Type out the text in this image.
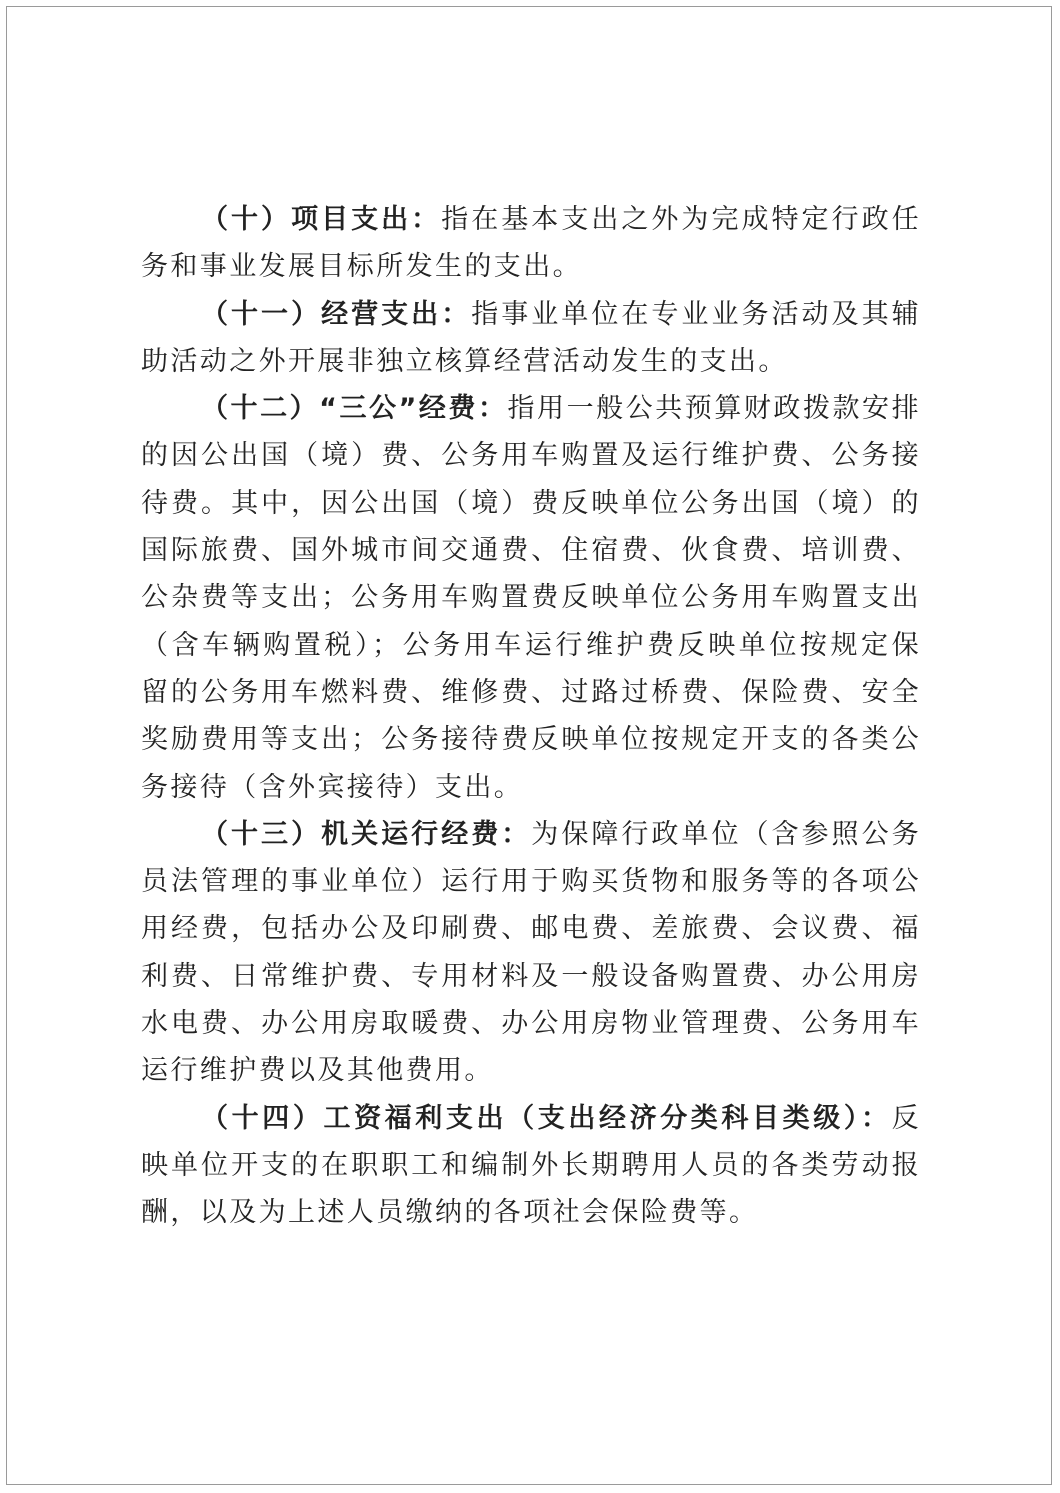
（十）项目支出：指在基本支出之外为完成特定行政任务和事业发展目标所发生的支出。

（十一）经营支出：指事业单位在专业业务活动及其辅助活动之外开展非独立核算经营活动发生的支出。

（十二）“三公”经费：指用一般公共预算财政拨款安排的因公出国（境）费、公务用车购置及运行维护费、公务接待费。其中，因公出国（境）费反映单位公务出国（境）的国际旅费、国外城市间交通费、住宿费、伙食费、培训费、公杂费等支出；公务用车购置费反映单位公务用车购置支出（含车辆购置税）；公务用车运行维护费反映单位按规定保留的公务用车燃料费、维修费、过路过桥费、保险费、安全奖励费用等支出；公务接待费反映单位按规定开支的各类公务接待（含外宾接待）支出。

（十三）机关运行经费：为保障行政单位（含参照公务员法管理的事业单位）运行用于购买货物和服务等的各项公用经费，包括办公及印刷费、邮电费、差旅费、会议费、福利费、日常维护费、专用材料及一般设备购置费、办公用房水电费、办公用房取暖费、办公用房物业管理费、公务用车运行维护费以及其他费用。

（十四）工资福利支出（支出经济分类科目类级）：反映单位开支的在职职工和编制外长期聘用人员的各类劳动报酬，以及为上述人员缴纳的各项社会保险费等。
